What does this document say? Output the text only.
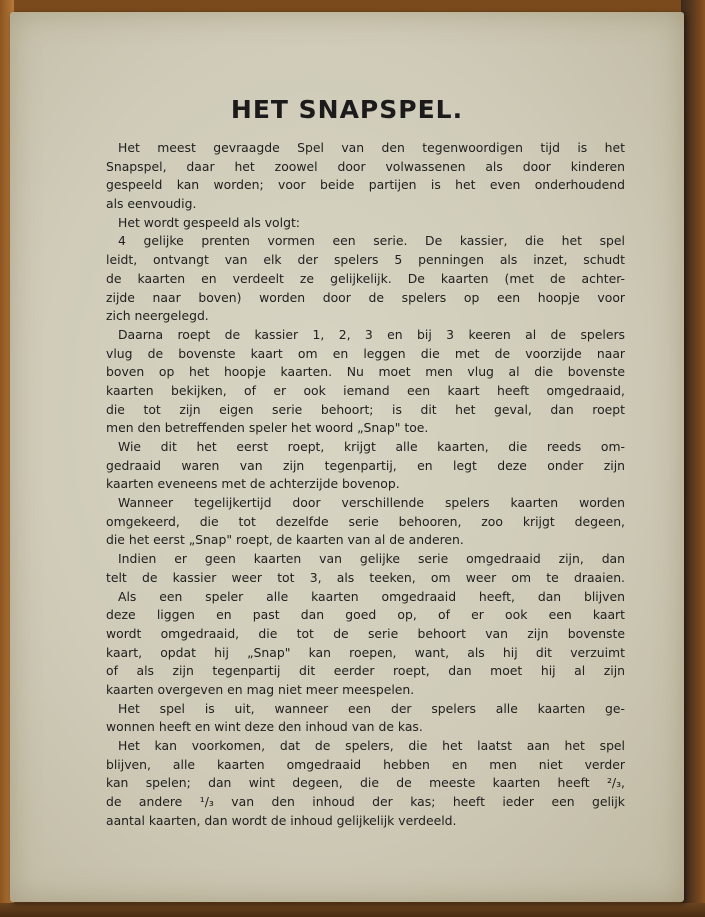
HET SNAPSPEL.
Het meest gevraagde Spel van den tegenwoordigen tijd is het
Snapspel, daar het zoowel door volwassenen als door kinderen
gespeeld kan worden; voor beide partijen is het even onderhoudend
als eenvoudig.
Het wordt gespeeld als volgt:
4 gelijke prenten vormen een serie. De kassier, die het spel
leidt, ontvangt van elk der spelers 5 penningen als inzet, schudt
de kaarten en verdeelt ze gelijkelijk. De kaarten (met de achter-
zijde naar boven) worden door de spelers op een hoopje voor
zich neergelegd.
Daarna roept de kassier 1, 2, 3 en bij 3 keeren al de spelers
vlug de bovenste kaart om en leggen die met de voorzijde naar
boven op het hoopje kaarten. Nu moet men vlug al die bovenste
kaarten bekijken, of er ook iemand een kaart heeft omgedraaid,
die tot zijn eigen serie behoort; is dit het geval, dan roept
men den betreffenden speler het woord „Snap" toe.
Wie dit het eerst roept, krijgt alle kaarten, die reeds om-
gedraaid waren van zijn tegenpartij, en legt deze onder zijn
kaarten eveneens met de achterzijde bovenop.
Wanneer tegelijkertijd door verschillende spelers kaarten worden
omgekeerd, die tot dezelfde serie behooren, zoo krijgt degeen,
die het eerst „Snap" roept, de kaarten van al de anderen.
Indien er geen kaarten van gelijke serie omgedraaid zijn, dan
telt de kassier weer tot 3, als teeken, om weer om te draaien.
Als een speler alle kaarten omgedraaid heeft, dan blijven
deze liggen en past dan goed op, of er ook een kaart
wordt omgedraaid, die tot de serie behoort van zijn bovenste
kaart, opdat hij „Snap" kan roepen, want, als hij dit verzuimt
of als zijn tegenpartij dit eerder roept, dan moet hij al zijn
kaarten overgeven en mag niet meer meespelen.
Het spel is uit, wanneer een der spelers alle kaarten ge-
wonnen heeft en wint deze den inhoud van de kas.
Het kan voorkomen, dat de spelers, die het laatst aan het spel
blijven, alle kaarten omgedraaid hebben en men niet verder
kan spelen; dan wint degeen, die de meeste kaarten heeft ²/₃,
de andere ¹/₃ van den inhoud der kas; heeft ieder een gelijk
aantal kaarten, dan wordt de inhoud gelijkelijk verdeeld.
